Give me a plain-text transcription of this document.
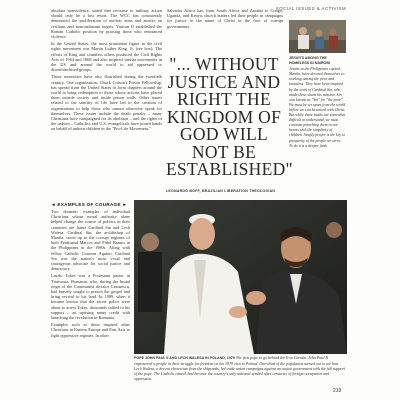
SOCIAL ISSUES & ACTIVISM

absolute nonviolence, stated that recourse to military action should only be a last resort. The WCC has consistently denounced the proliferation of nuclear arms and attacks on civilians and noncombatant targets. Vatican II established the Roman Catholic position by praising those who renounced violence.

In the United States, the most prominent figure in the civil rights movement was Martin Luther King, Jr. (see box). The efforts of King and countless others produced the Civil Rights Acts of 1964 and 1968 and also inspired similar movements in the US and around the world to aid oppressed or disenfranchised groups.

Those minorities have also flourished during the twentieth century. One organization, Chuck Colson's Prison Fellowship, has spread from the United States to form chapters around the world to bring redemption to those whose actions have placed them outside society and inside prison walls. Other issues related to the sanctity of life have led to the creation of organizations to help those who cannot otherwise speak for themselves. These issues include the death penalty – many Christians have campaigned for its abolition – and the rights of the unborn – Catholics and U.S. evangelicals have joined hands on behalf of unborn children in the "Pro-Life Movement."

Salvador Africa has, from South Africa and Zambia to Congo, Uganda, and Kenya, church leaders led their people in campaigns for justice in the name of Christ in the face of corrupt governments.

"... WITHOUT JUSTICE AND RIGHT THE KINGDOM OF GOD WILL NOT BE ESTABLISHED"
LEONARDO BOFF, BRAZILIAN LIBERATION THEOLOGIAN
JESUITS AMONG THE HOMELESS IN NAIROBI
Jesuits in the Philippines capital, Manila, have devoted themselves to working among the poor and homeless. They have been inspired by the work of Cardinal Sin, who made these slums his mission. Sin was known as "Sin" for "the poor". We must be set apart from the world before we can be united with Christ. But while these truths are somewhat difficult to understand, we must continue preaching them in our hearts with the simplicity of children. Simply prayer is the key to prosperity of the people we serve. To do it is a deeper faith.
◄ EXAMPLES OF COURAGE ►

Two dramatic examples of individual Christians whose moral authority alone helped change the course of politics in their countries are Jaime Cardinal Sin and Lech Walesa. Cardinal Sin, the archbishop of Manila, stood up to the corrupt regimes of both Ferdinand Marcos and Fidel Ramos in the Philippines in the 1980s. Along with fellow Catholic Corazon Aquino, Cardinal Sin was the nation's most vocal and courageous advocate for social justice and democracy.

Laszlo Tokes was a Protestant pastor in Timisoara, Romania, who, during the brutal reign of the Communist dictator Ceausescu, had bravely sought to preach the gospel and bring revival to his land. In 1989, when it became known that the secret police were about to arrest Tokes, thousands rallied to his support – an uprising many credit with launching the revolution in Romania.

Examples such as these inspired other Christians in Eastern Europe and East Asia to fight oppressive regimes. In other

POPE JOHN PAUL II AND LECH WALESA IN POLAND, 1979 The first pope to go behind the Iron Curtain, John Paul II empowered a people in their struggle for freedom on his 1979 visit to Poland. One-third of the population turned out to see him. Lech Walesa, a devout electrician from the shipyards, led trade union campaigns against an unjust government with the full support of the pope. The Catholic church had become the country's only national symbol after centuries of foreign occupation and oppression.
219
